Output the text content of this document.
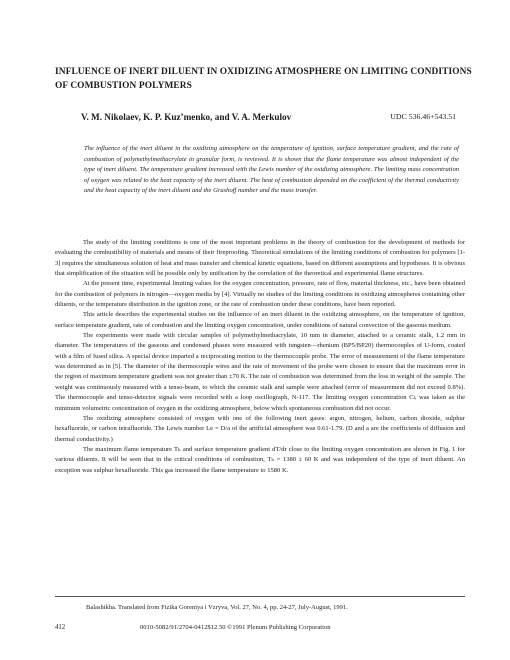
INFLUENCE OF INERT DILUENT IN OXIDIZING ATMOSPHERE ON LIMITING CONDITIONS OF COMBUSTION POLYMERS
V. M. Nikolaev, K. P. Kuz’menko, and V. A. Merkulov	UDC 536.46+543.51
The influence of the inert diluent in the oxidizing atmosphere on the temperature of ignition, surface temperature gradient, and the rate of combustion of polymethylmethacrylate in granular form, is reviewed. It is shown that the flame temperature was almost independent of the type of inert diluent. The temperature gradient increased with the Lewis number of the oxidizing atmosphere. The limiting mass concentration of oxygen was related to the heat capacity of the inert diluent. The heat of combustion depended on the coefficient of the thermal conductivity and the heat capacity of the inert diluent and the Grashoff number and the mass transfer.

The study of the limiting conditions is one of the most important problems in the theory of combustion for the development of methods for evaluating the combustibility of materials and means of their fireproofing. Theoretical simulations of the limiting conditions of combustion for polymers [1-3] requires the simultaneous solution of heat and mass transfer and chemical kinetic equations, based on different assumptions and hypotheses. It is obvious that simplification of the situation will be possible only by unification by the correlation of the theoretical and experimental flame structures.

At the present time, experimental limiting values for the oxygen concentration, pressure, rate of flow, material thickness, etc., have been obtained for the combustion of polymers in nitrogen—oxygen media by [4]. Virtually no studies of the limiting conditions in oxidizing atmospheres containing other diluents, or the temperature distribution in the ignition zone, or the rate of combustion under these conditions, have been reported.

This article describes the experimental studies on the influence of an inert diluent in the oxidizing atmosphere, on the temperature of ignition, surface temperature gradient, rate of combustion and the limiting oxygen concentration, under conditions of natural convection of the gaseous medium.

The experiments were made with circular samples of polymethylmethacrylate, 10 mm in diameter, attached to a ceramic stalk, 1.2 mm in diameter. The temperatures of the gaseous and condensed phases were measured with tungsten—rhenium (BP5/BP20) thermocouples of U-form, coated with a film of fused silica. A special device imparted a reciprocating motion to the thermocouple probe. The error of measurement of the flame temperature was determined as in [5]. The diameter of the thermocouple wires and the rate of movement of the probe were chosen to ensure that the maximum error in the region of maximum temperature gradient was not greater than ±70 K. The rate of combustion was determined from the loss in weight of the sample. The weight was continuously measured with a tenso-beam, to which the ceramic stalk and sample were attached (error of measurement did not exceed 0.8%). The thermocouple and tenso-detector signals were recorded with a loop oscillograph, N-117. The limiting oxygen concentration Cₗᵢ was taken as the minimum volumetric concentration of oxygen in the oxidizing atmosphere, below which spontaneous combustion did not occur.

The oxidizing atmosphere consisted of oxygen with one of the following inert gases: argon, nitrogen, helium, carbon dioxide, sulphur hexafluoride, or carbon tetrafluoride. The Lewis number Le = D/a of the artificial atmosphere was 0.61-1.79. (D and a are the coefficients of diffusion and thermal conductivity.)

The maximum flame temperature Tₕ and surface temperature gradient dT/dr close to the limiting oxygen concentration are shown in Fig. 1 for various diluents. It will be seen that in the critical conditions of combustion, Tₕ = 1380 ± 60 K and was independent of the type of inert diluent. An exception was sulphur hexafluoride. This gas increased the flame temperature to 1580 K.

Balashikha. Translated from Fizika Goreniya i Vzryva, Vol. 27, No. 4, pp. 24-27, July-August, 1991.
412	0010-5082/91/2704-0412$12.50 ©1991 Plenum Publishing Corporation
